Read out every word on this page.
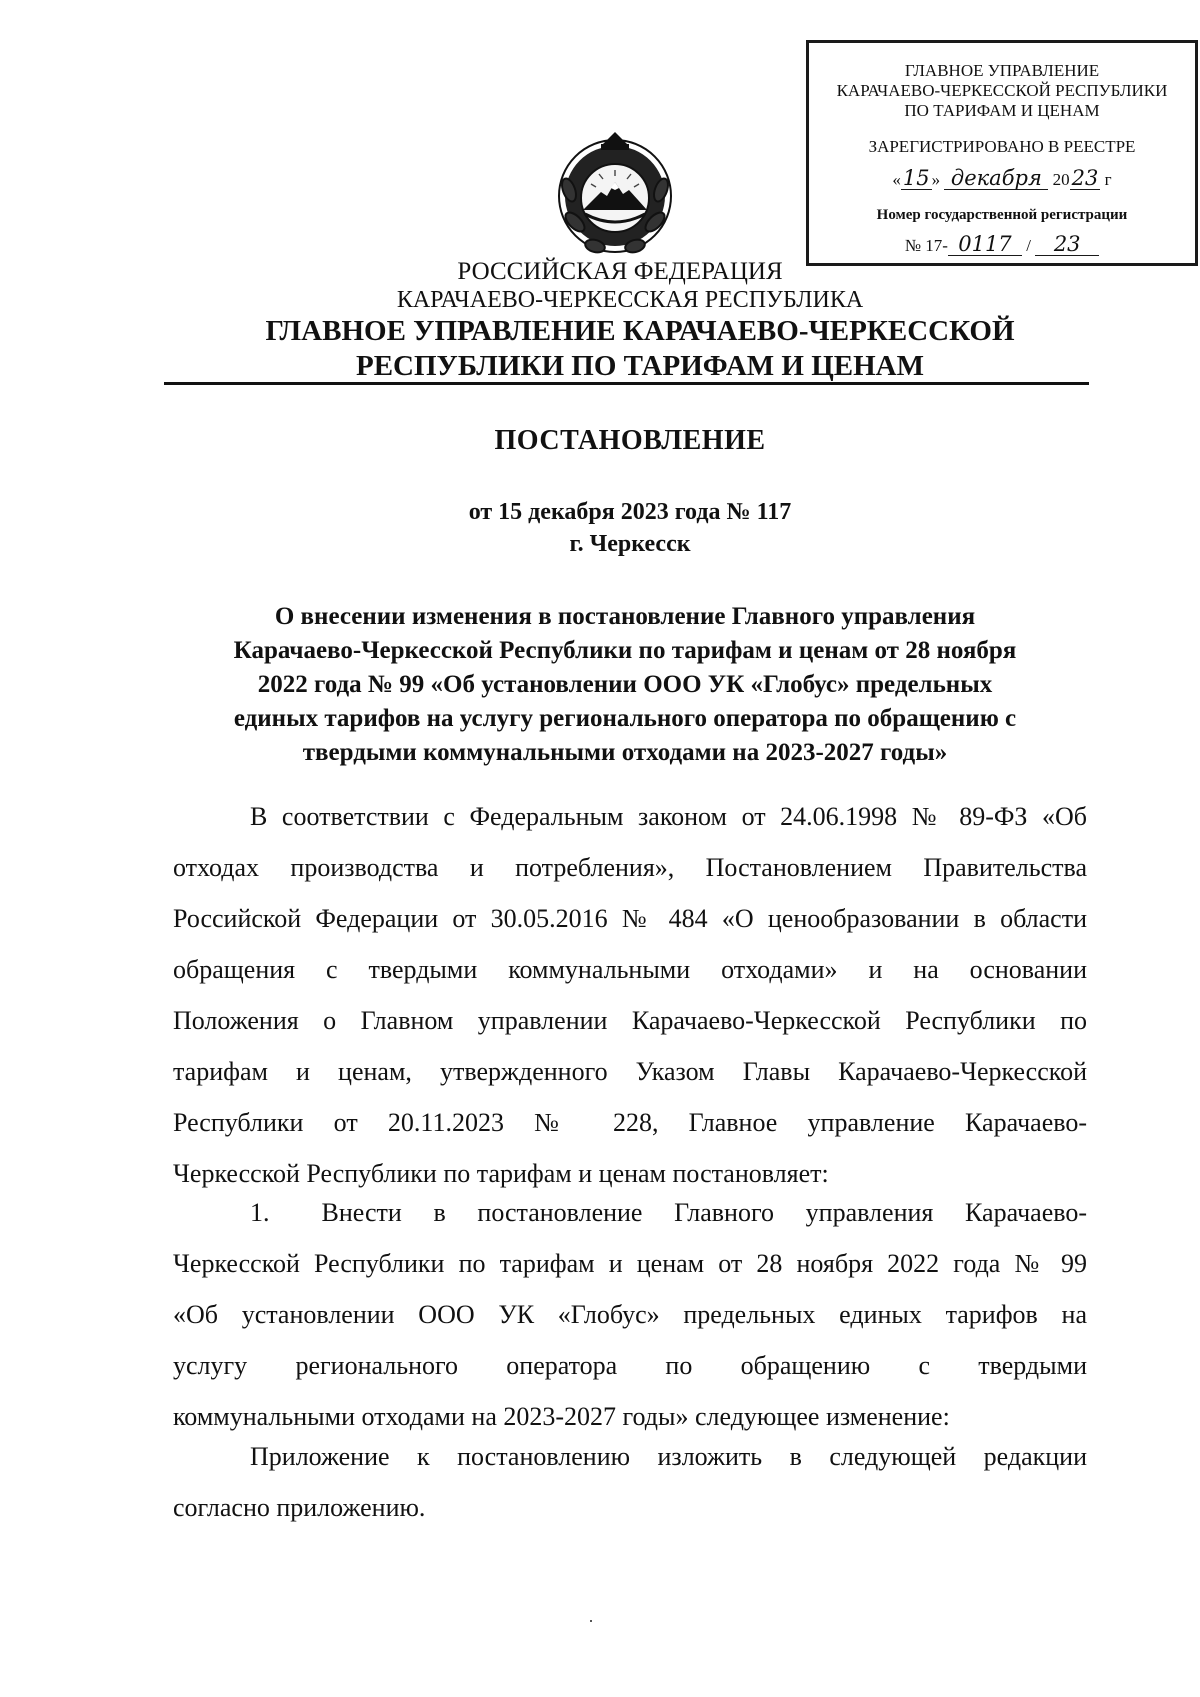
ГЛАВНОЕ УПРАВЛЕНИЕ
КАРАЧАЕВО-ЧЕРКЕССКОЙ РЕСПУБЛИКИ
ПО ТАРИФАМ И ЦЕНАМ
ЗАРЕГИСТРИРОВАНО В РЕЕСТРЕ
«15 » декабря 2023 г
Номер государственной регистрации
№ 17- 0117 / 23
РОССИЙСКАЯ ФЕДЕРАЦИЯ
КАРАЧАЕВО-ЧЕРКЕССКАЯ РЕСПУБЛИКА
ГЛАВНОЕ УПРАВЛЕНИЕ КАРАЧАЕВО-ЧЕРКЕССКОЙ
РЕСПУБЛИКИ ПО ТАРИФАМ И ЦЕНАМ
ПОСТАНОВЛЕНИЕ
от 15 декабря 2023 года № 117
г. Черкесск
О внесении изменения в постановление Главного управления
Карачаево-Черкесской Республики по тарифам и ценам от 28 ноября
2022 года № 99 «Об установлении ООО УК «Глобус» предельных
единых тарифов на услугу регионального оператора по обращению с
твердыми коммунальными отходами на 2023-2027 годы»
В соответствии с Федеральным законом от 24.06.1998 № 89-ФЗ «Об
отходах производства и потребления», Постановлением Правительства
Российской Федерации от 30.05.2016 № 484 «О ценообразовании в области
обращения с твердыми коммунальными отходами» и на основании
Положения о Главном управлении Карачаево-Черкесской Республики по
тарифам и ценам, утвержденного Указом Главы Карачаево-Черкесской
Республики от 20.11.2023 № 228, Главное управление Карачаево-
Черкесской Республики по тарифам и ценам постановляет:
1. Внести в постановление Главного управления Карачаево-
Черкесской Республики по тарифам и ценам от 28 ноября 2022 года № 99
«Об установлении ООО УК «Глобус» предельных единых тарифов на
услугу регионального оператора по обращению с твердыми
коммунальными отходами на 2023-2027 годы» следующее изменение:
Приложение к постановлению изложить в следующей редакции
согласно приложению.
